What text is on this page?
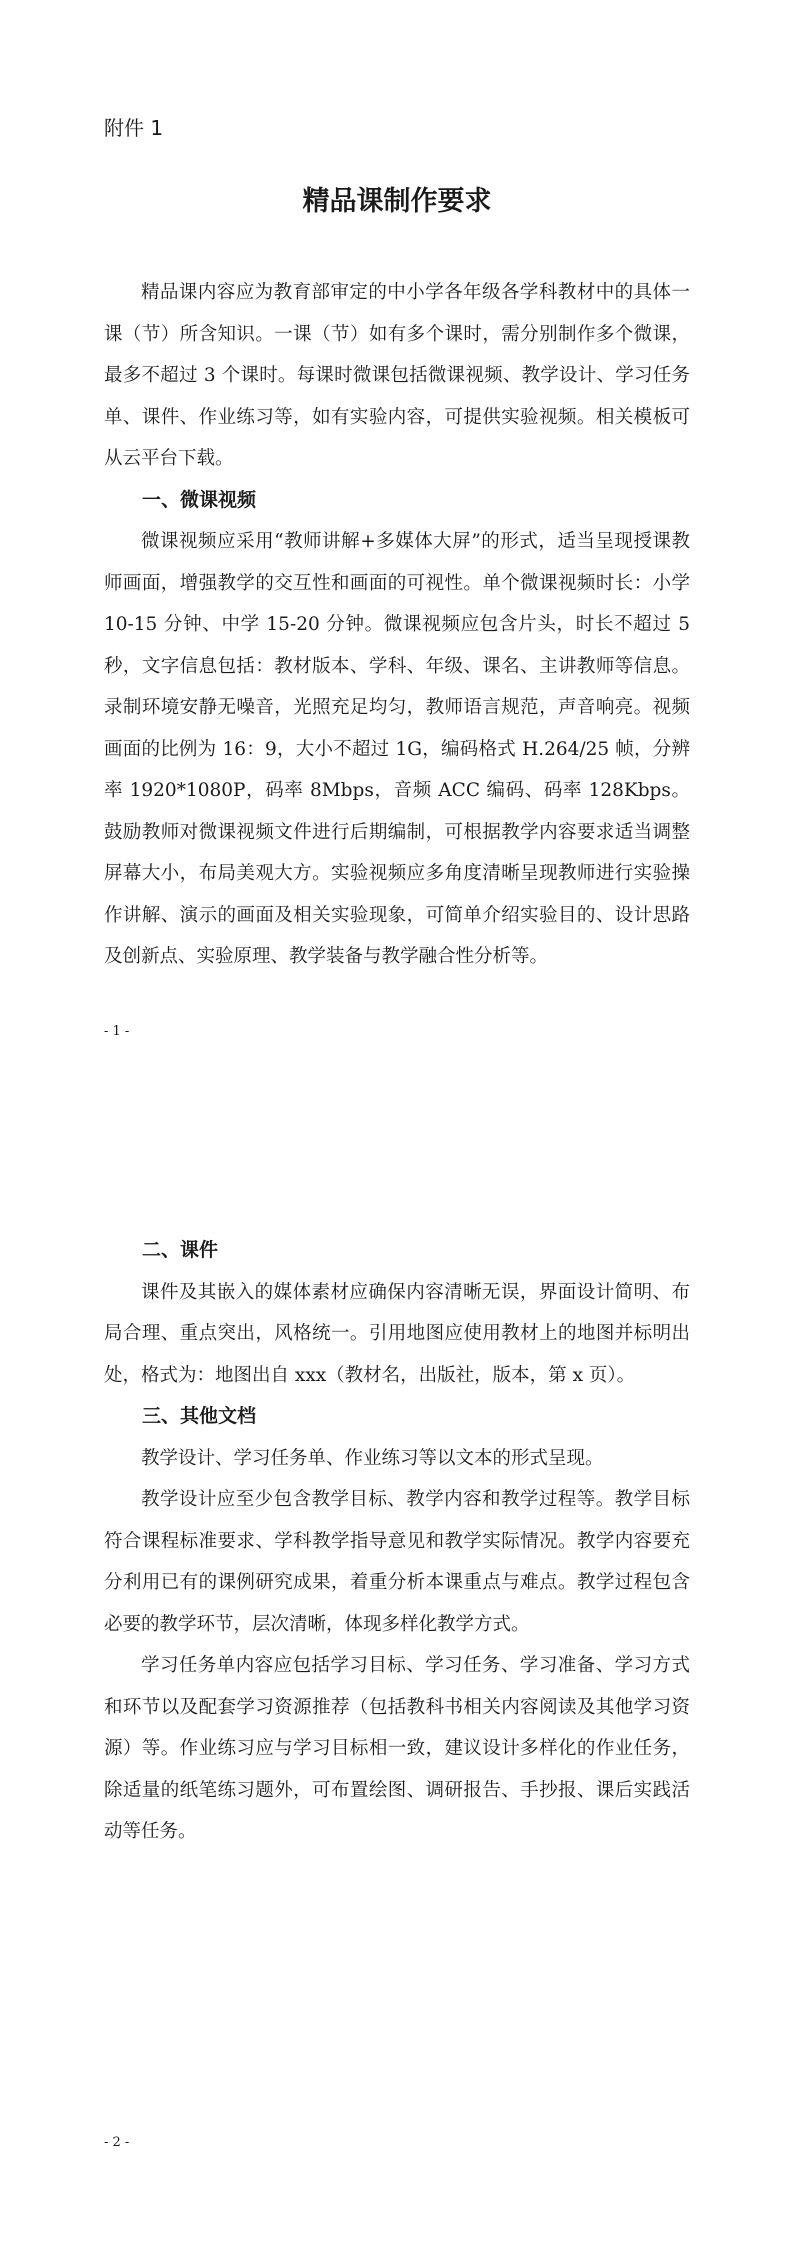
附件 1

精品课制作要求

精品课内容应为教育部审定的中小学各年级各学科教材中的具体一课（节）所含知识。一课（节）如有多个课时，需分别制作多个微课，最多不超过 3 个课时。每课时微课包括微课视频、教学设计、学习任务单、课件、作业练习等，如有实验内容，可提供实验视频。相关模板可从云平台下载。

一、微课视频

微课视频应采用“教师讲解+多媒体大屏”的形式，适当呈现授课教师画面，增强教学的交互性和画面的可视性。单个微课视频时长：小学 10-15 分钟、中学 15-20 分钟。微课视频应包含片头，时长不超过 5 秒，文字信息包括：教材版本、学科、年级、课名、主讲教师等信息。录制环境安静无噪音，光照充足均匀，教师语言规范，声音响亮。视频画面的比例为 16：9，大小不超过 1G，编码格式 H.264/25 帧，分辨率 1920*1080P，码率 8Mbps，音频 ACC 编码、码率 128Kbps。鼓励教师对微课视频文件进行后期编制，可根据教学内容要求适当调整屏幕大小，布局美观大方。实验视频应多角度清晰呈现教师进行实验操作讲解、演示的画面及相关实验现象，可简单介绍实验目的、设计思路及创新点、实验原理、教学装备与教学融合性分析等。

- 1 -

二、课件

课件及其嵌入的媒体素材应确保内容清晰无误，界面设计简明、布局合理、重点突出，风格统一。引用地图应使用教材上的地图并标明出处，格式为：地图出自 xxx（教材名，出版社，版本，第 x 页）。

三、其他文档

教学设计、学习任务单、作业练习等以文本的形式呈现。

教学设计应至少包含教学目标、教学内容和教学过程等。教学目标符合课程标准要求、学科教学指导意见和教学实际情况。教学内容要充分利用已有的课例研究成果，着重分析本课重点与难点。教学过程包含必要的教学环节，层次清晰，体现多样化教学方式。

学习任务单内容应包括学习目标、学习任务、学习准备、学习方式和环节以及配套学习资源推荐（包括教科书相关内容阅读及其他学习资源）等。作业练习应与学习目标相一致，建议设计多样化的作业任务，除适量的纸笔练习题外，可布置绘图、调研报告、手抄报、课后实践活动等任务。

- 2 -
